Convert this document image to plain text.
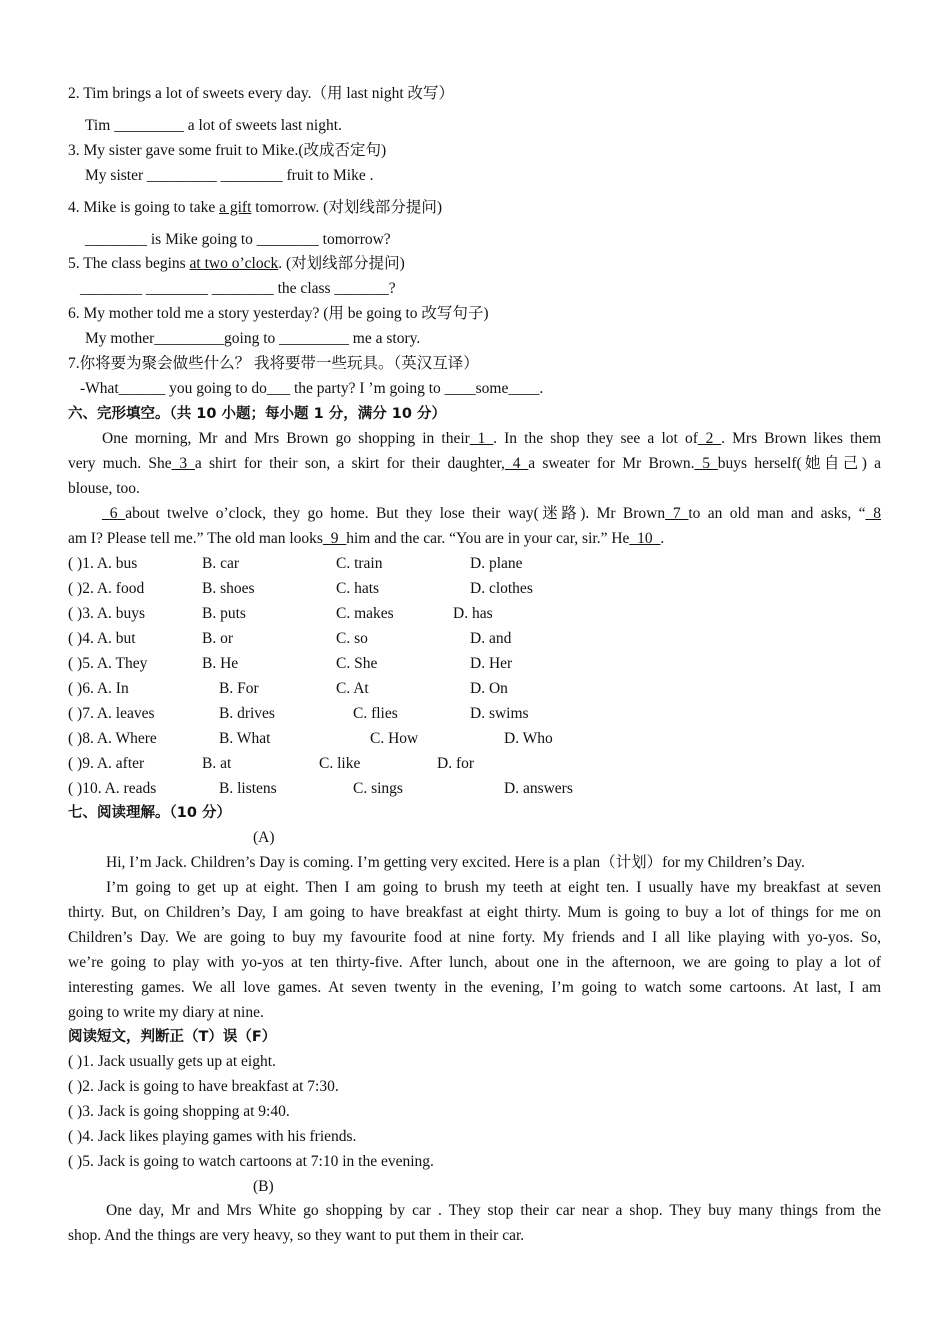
2. Tim brings a lot of sweets every day.（用 last night 改写）
Tim _________ a lot of sweets last night.
3. My sister gave some fruit to Mike.(改成否定句)
My sister _________ ________ fruit to Mike .
4. Mike is going to take a gift tomorrow. (对划线部分提问)
________ is Mike going to ________ tomorrow?
5. The class begins at two o’clock. (对划线部分提问)
________ ________ ________ the class _______?
6. My mother told me a story yesterday? (用 be going to 改写句子)
My mother_________going to _________ me a story.
7.你将要为聚会做些什么？ 我将要带一些玩具。（英汉互译）
-What______ you going to do___ the party? I ’m going to ____some____.
六、完形填空。（共 10 小题；每小题 1 分，满分 10 分）
One morning, Mr and Mrs Brown go shopping in their_1_. In the shop they see a lot of_2_. Mrs Brown likes them
very much. She_3_a shirt for their son, a skirt for their daughter,_4_a sweater for Mr Brown._5_buys herself(她自己) a
blouse, too.
_6_about twelve o’clock, they go home. But they lose their way(迷路). Mr Brown_7_to an old man and asks, “_8
am I? Please tell me.” The old man looks_9_him and the car. “You are in your car, sir.” He_10_.
( )1. A. bus	B. car	C. train	D. plane
( )2. A. food	B. shoes	C. hats	D. clothes
( )3. A. buys	B. puts	C. makes	D. has
( )4. A. but	B. or	C. so	D. and
( )5. A. They	B. He	C. She	D. Her
( )6. A. In	B. For	C. At	D. On
( )7. A. leaves	B. drives	C. flies	D. swims
( )8. A. Where	B. What	C. How	D. Who
( )9. A. after	B. at	C. like	D. for
( )10. A. reads	B. listens	C. sings	D. answers
七、阅读理解。（10 分）
(A)
Hi, I’m Jack. Children’s Day is coming. I’m getting very excited. Here is a plan（计划）for my Children’s Day.
I’m going to get up at eight. Then I am going to brush my teeth at eight ten. I usually have my breakfast at seven
thirty. But, on Children’s Day, I am going to have breakfast at eight thirty. Mum is going to buy a lot of things for me on
Children’s Day. We are going to buy my favourite food at nine forty. My friends and I all like playing with yo-yos. So,
we’re going to play with yo-yos at ten thirty-five. After lunch, about one in the afternoon, we are going to play a lot of
interesting games. We all love games. At seven twenty in the evening, I’m going to watch some cartoons. At last, I am
going to write my diary at nine.
阅读短文，判断正（T）误（F）
( )1. Jack usually gets up at eight.
( )2. Jack is going to have breakfast at 7:30.
( )3. Jack is going shopping at 9:40.
( )4. Jack likes playing games with his friends.
( )5. Jack is going to watch cartoons at 7:10 in the evening.
(B)
One day, Mr and Mrs White go shopping by car . They stop their car near a shop. They buy many things from the
shop. And the things are very heavy, so they want to put them in their car.
